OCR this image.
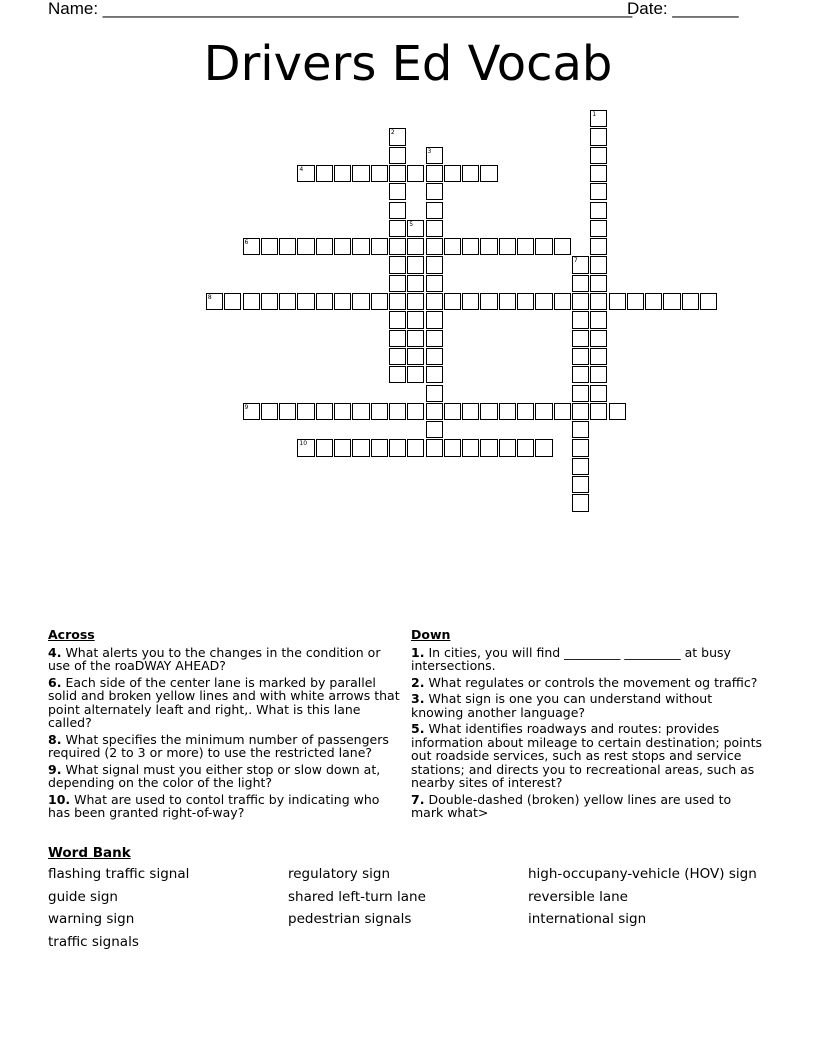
Name: ________________________________________________________
Date: _______
Drivers Ed Vocab
1
2
3
4
5
6
7
8
9
10
Across
4. What alerts you to the changes in the condition or use of the roaDWAY AHEAD?
6. Each side of the center lane is marked by parallel solid and broken yellow lines and with white arrows that point alternately leaft and right,. What is this lane called?
8. What specifies the minimum number of passengers required (2 to 3 or more) to use the restricted lane?
9. What signal must you either stop or slow down at, depending on the color of the light?
10. What are used to contol traffic by indicating who has been granted right-of-way?
Down
1. In cities, you will find _________ _________ at busy intersections.
2. What regulates or controls the movement og traffic?
3. What sign is one you can understand without knowing another language?
5. What identifies roadways and routes: provides information about mileage to certain destination; points out roadside services, such as rest stops and service stations; and directs you to recreational areas, such as nearby sites of interest?
7. Double-dashed (broken) yellow lines are used to mark what>
Word Bank
flashing traffic signal	regulatory sign	high-occupany-vehicle (HOV) sign
guide sign	shared left-turn lane	reversible lane
warning sign	pedestrian signals	international sign
traffic signals
